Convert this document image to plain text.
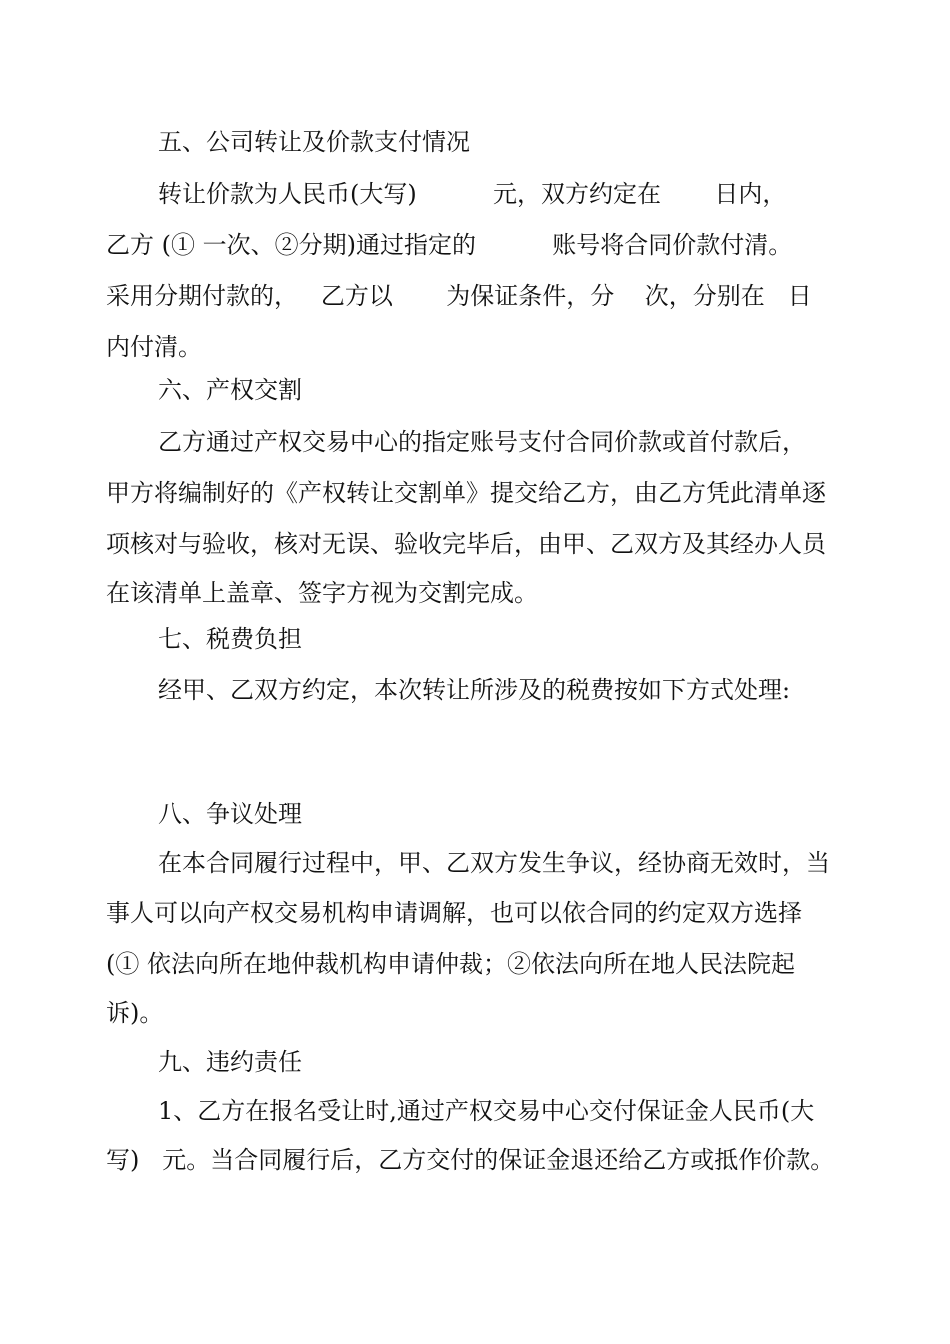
五、公司转让及价款支付情况
转让价款为人民币(大写)          元，双方约定在       日内，
乙方 (① 一次、②分期)通过指定的          账号将合同价款付清。
采用分期付款的，   乙方以       为保证条件，分    次，分别在   日
内付清。
六、产权交割
乙方通过产权交易中心的指定账号支付合同价款或首付款后，
甲方将编制好的《产权转让交割单》提交给乙方，由乙方凭此清单逐
项核对与验收，核对无误、验收完毕后，由甲、乙双方及其经办人员
在该清单上盖章、签字方视为交割完成。
七、税费负担
经甲、乙双方约定，本次转让所涉及的税费按如下方式处理:
八、争议处理
在本合同履行过程中，甲、乙双方发生争议，经协商无效时，当
事人可以向产权交易机构申请调解，也可以依合同的约定双方选择
(① 依法向所在地仲裁机构申请仲裁；②依法向所在地人民法院起
诉)。
九、违约责任
1、乙方在报名受让时,通过产权交易中心交付保证金人民币(大
写)   元。当合同履行后，乙方交付的保证金退还给乙方或抵作价款。
